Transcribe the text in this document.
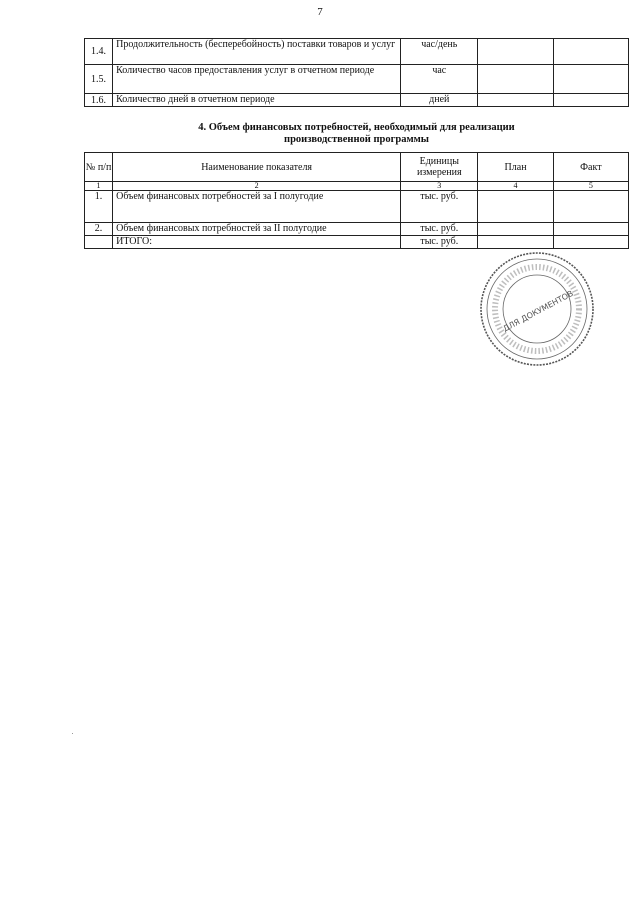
7
1.4.	Продолжительность (бесперебойность) поставки товаров и услуг	час/день		
1.5.	Количество часов предоставления услуг в отчетном периоде	час		
1.6.	Количество дней в отчетном периоде	дней		
4. Объем финансовых потребностей, необходимый для реализации
производственной программы
№ п/п	Наименование показателя	Единицы измерения	План	Факт
1	2	3	4	5
1.	Объем финансовых потребностей за I полугодие	тыс. руб.		
2.	Объем финансовых потребностей за II полугодие	тыс. руб.		
	ИТОГО:	тыс. руб.		
ДЛЯ ДОКУМЕНТОВ
